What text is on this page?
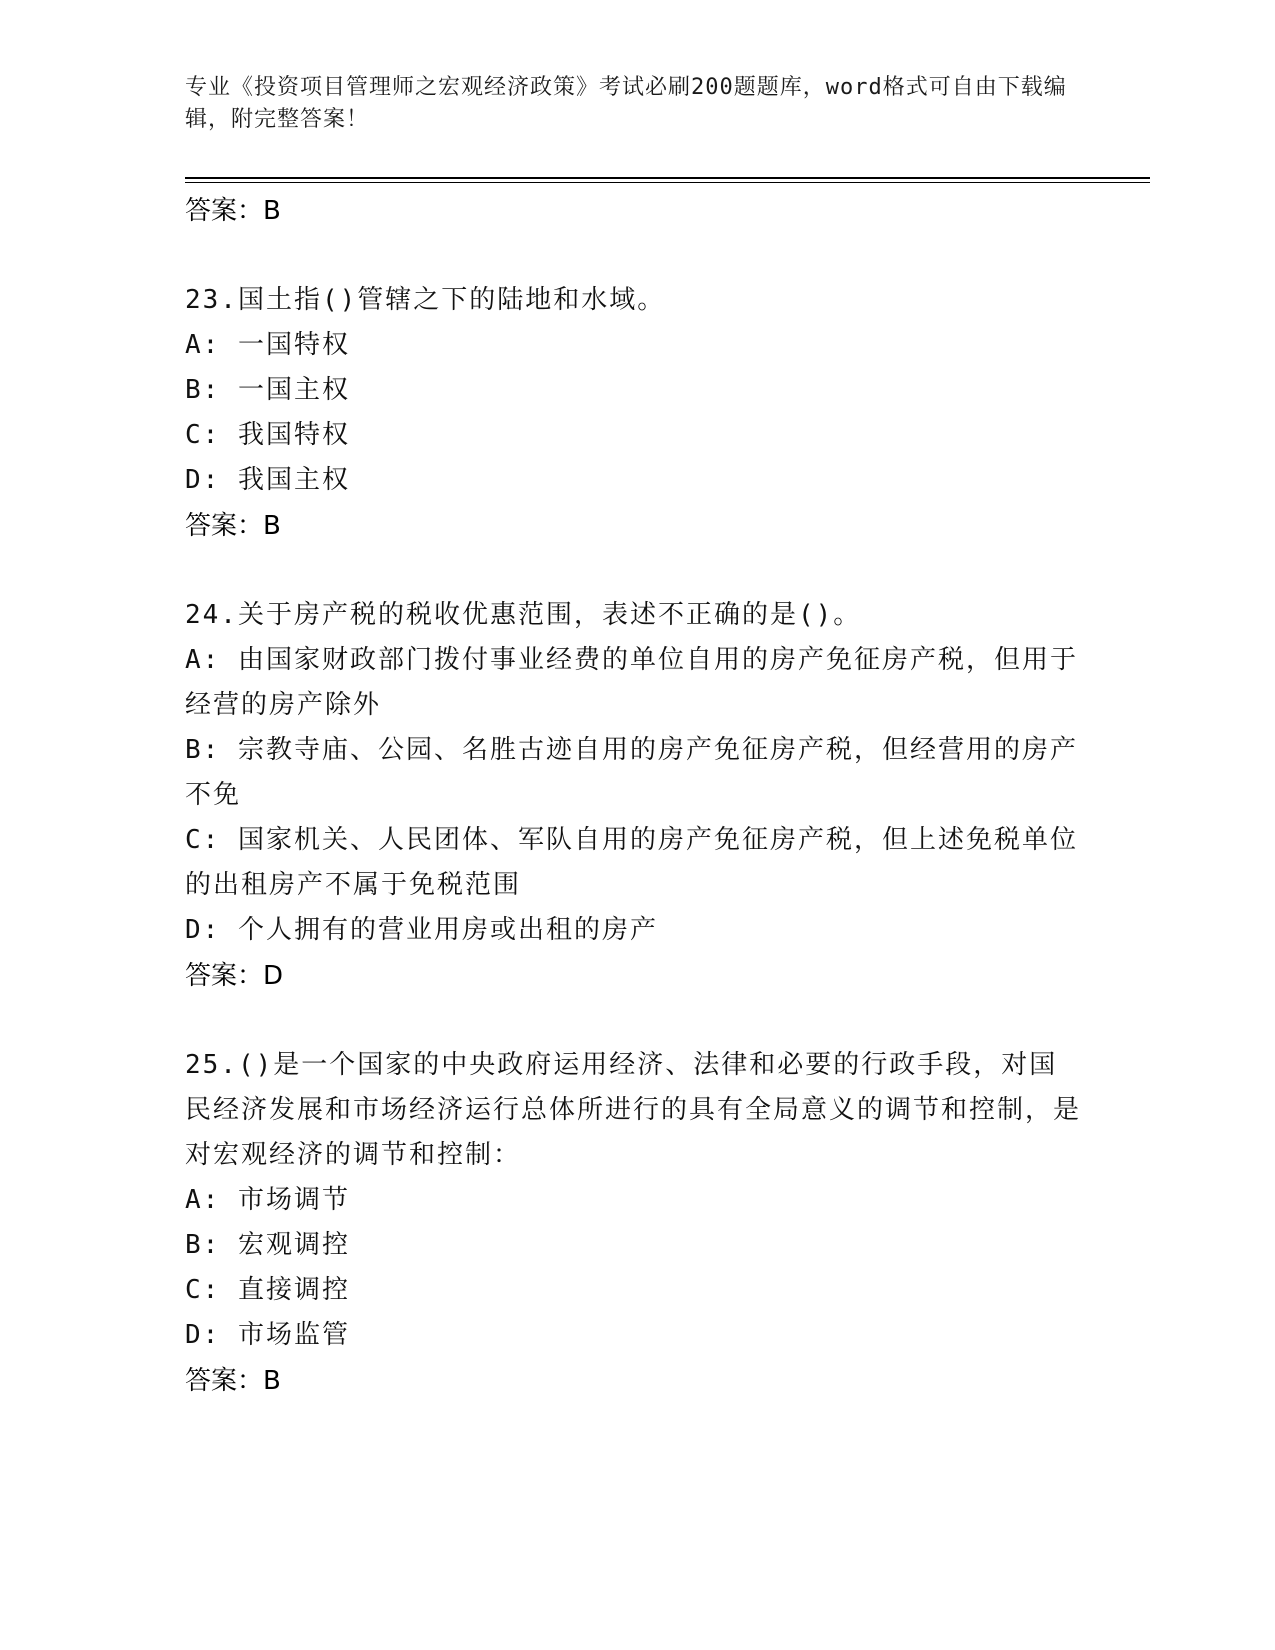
专业《投资项目管理师之宏观经济政策》考试必刷200题题库，word格式可自由下载编辑，附完整答案！

答案：B

23.国土指()管辖之下的陆地和水域。

A: 一国特权

B: 一国主权

C: 我国特权

D: 我国主权

答案：B

24.关于房产税的税收优惠范围，表述不正确的是()。

A: 由国家财政部门拨付事业经费的单位自用的房产免征房产税，但用于经营的房产除外

B: 宗教寺庙、公园、名胜古迹自用的房产免征房产税，但经营用的房产不免

C: 国家机关、人民团体、军队自用的房产免征房产税，但上述免税单位的出租房产不属于免税范围

D: 个人拥有的营业用房或出租的房产

答案：D

25.()是一个国家的中央政府运用经济、法律和必要的行政手段，对国民经济发展和市场经济运行总体所进行的具有全局意义的调节和控制，是对宏观经济的调节和控制：

A: 市场调节

B: 宏观调控

C: 直接调控

D: 市场监管

答案：B
